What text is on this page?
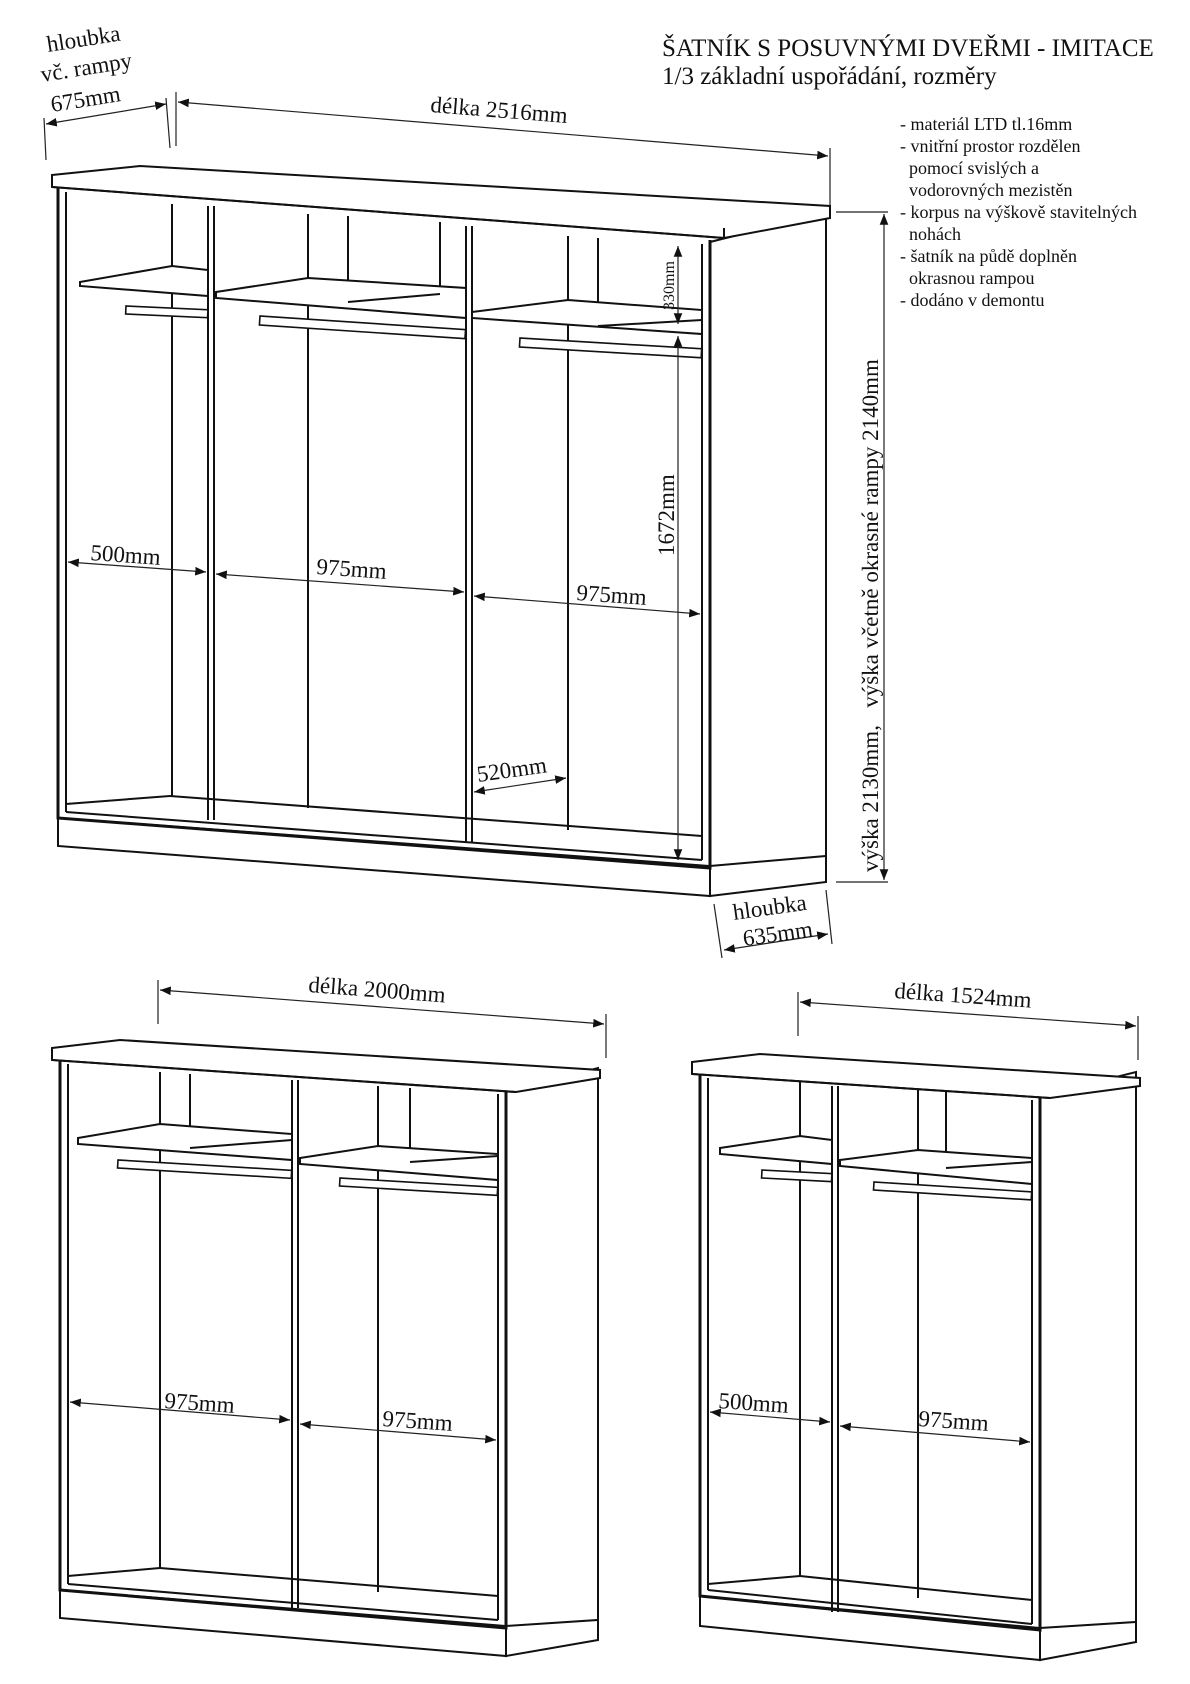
ŠATNÍK S POSUVNÝMI DVEŘMI - IMITACE
1/3 základní uspořádání, rozměry
- materiál LTD tl.16mm
- vnitřní prostor rozdělen
pomocí svislých a
vodorovných mezistěn
- korpus na výškově stavitelných
nohách
- šatník na půdě doplněn
okrasnou rampou
- dodáno v demontu
hloubka
vč. rampy
675mm	délka 2516mm
330mm
1672mm
500mm	975mm
975mm
520mm	výška 2130mm,   výška včetně okrasné rampy 2140mm
hloubka
635mm
délka 2000mm
975mm
975mm
délka 1524mm
500mm
975mm
